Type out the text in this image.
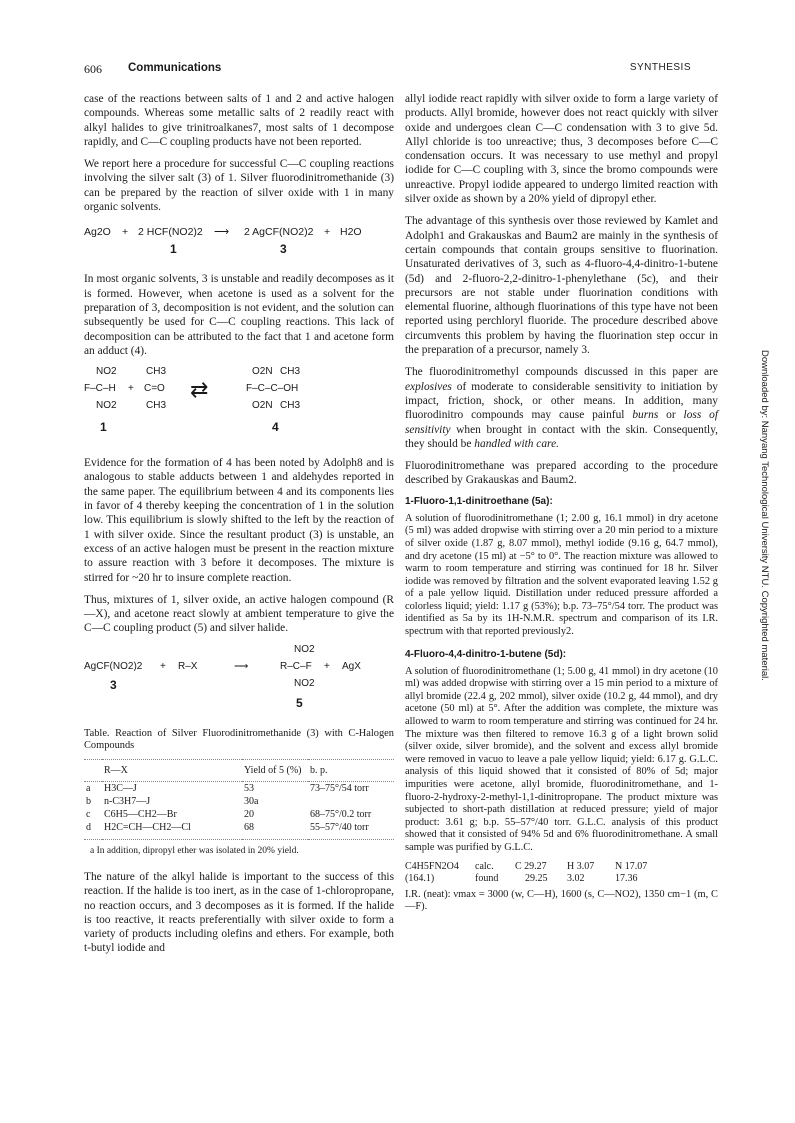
606 Communications	SYNTHESIS
Downloaded by: Nanyang Technological University NTU. Copyrighted material.

case of the reactions between salts of 1 and 2 and active halogen compounds. Whereas some metallic salts of 2 readily react with alkyl halides to give trinitroalkanes7, most salts of 1 decompose rapidly, and C—C coupling products have not been reported.

We report here a procedure for successful C—C coupling reactions involving the silver salt (3) of 1. Silver fluorodinitromethanide (3) can be prepared by the reaction of silver oxide with 1 in many organic solvents.

Ag2O + 2 HCF(NO2)2 ⟶ 2 AgCF(NO2)2 + H2O
1	3

In most organic solvents, 3 is unstable and readily decomposes as it is formed. However, when acetone is used as a solvent for the preparation of 3, decomposition is not evident, and the solution can subsequently be used for C—C coupling reactions. This lack of decomposition can be attributed to the fact that 1 and acetone form an adduct (4).

NO2	CH3
F–C–H + C=O
NO2	CH3
⇄
O2N CH3
F–C–C–OH
O2N CH3
1	4

Evidence for the formation of 4 has been noted by Adolph8 and is analogous to stable adducts between 1 and aldehydes reported in the same paper. The equilibrium between 4 and its components lies in favor of 4 thereby keeping the concentration of 1 in the solution low. This equilibrium is slowly shifted to the left by the reaction of 1 with silver oxide. Since the resultant product (3) is unstable, an excess of an active halogen must be present in the reaction mixture to assure reaction with 3 before it decomposes. The mixture is stirred for ~20 hr to insure complete reaction.

Thus, mixtures of 1, silver oxide, an active halogen compound (R—X), and acetone react slowly at ambient temperature to give the C—C coupling product (5) and silver halide.

NO2
AgCF(NO2)2 + R–X	⟶	R–C–F + AgX
NO2
3
5

Table. Reaction of Silver Fluorodinitromethanide (3) with C-Halogen Compounds

	R—X	Yield of 5 (%)	b. p.
a	H3C—J	53	73–75°/54 torr
b	n-C3H7—J	30a	
c	C6H5—CH2—Br	20	68–75°/0.2 torr
d	H2C=CH—CH2—Cl	68	55–57°/40 torr
a In addition, dipropyl ether was isolated in 20% yield.

The nature of the alkyl halide is important to the success of this reaction. If the halide is too inert, as in the case of 1-chloropropane, no reaction occurs, and 3 decomposes as it is formed. If the halide is too reactive, it reacts preferentially with silver oxide to form a variety of products including olefins and ethers. For example, both t-butyl iodide and

allyl iodide react rapidly with silver oxide to form a large variety of products. Allyl bromide, however does not react quickly with silver oxide and undergoes clean C—C condensation with 3 to give 5d. Allyl chloride is too unreactive; thus, 3 decomposes before C—C condensation occurs. It was necessary to use methyl and propyl iodide for C—C coupling with 3, since the bromo compounds were unreactive. Propyl iodide appeared to undergo limited reaction with silver oxide as shown by a 20% yield of dipropyl ether.

The advantage of this synthesis over those reviewed by Kamlet and Adolph1 and Grakauskas and Baum2 are mainly in the synthesis of certain compounds that contain groups sensitive to fluorination. Unsaturated derivatives of 3, such as 4-fluoro-4,4-dinitro-1-butene (5d) and 2-fluoro-2,2-dinitro-1-phenylethane (5c), and their precursors are not stable under fluorination conditions with elemental fluorine, although fluorinations of this type have not been reported using perchloryl fluoride. The procedure described above circumvents this problem by having the fluorination step occur in the preparation of a precursor, namely 3.

The fluorodinitromethyl compounds discussed in this paper are explosives of moderate to considerable sensitivity to initiation by impact, friction, shock, or other means. In addition, many fluorodinitro compounds may cause painful burns or loss of sensitivity when brought in contact with the skin. Consequently, they should be handled with care.

Fluorodinitromethane was prepared according to the procedure described by Grakauskas and Baum2.

1-Fluoro-1,1-dinitroethane (5a):

A solution of fluorodinitromethane (1; 2.00 g, 16.1 mmol) in dry acetone (5 ml) was added dropwise with stirring over a 20 min period to a mixture of silver oxide (1.87 g, 8.07 mmol), methyl iodide (9.16 g, 64.7 mmol), and dry acetone (15 ml) at −5° to 0°. The reaction mixture was allowed to warm to room temperature and stirring was continued for 18 hr. Silver iodide was removed by filtration and the solvent evaporated leaving 1.52 g of a pale yellow liquid. Distillation under reduced pressure afforded a colorless liquid; yield: 1.17 g (53%); b.p. 73–75°/54 torr. The product was identified as 5a by its 1H-N.M.R. spectrum and comparison of its I.R. spectrum with that reported previously2.

4-Fluoro-4,4-dinitro-1-butene (5d):

A solution of fluorodinitromethane (1; 5.00 g, 41 mmol) in dry acetone (10 ml) was added dropwise with stirring over a 15 min period to a mixture of allyl bromide (22.4 g, 202 mmol), silver oxide (10.2 g, 44 mmol), and dry acetone (50 ml) at 5°. After the addition was complete, the mixture was allowed to warm to room temperature and stirring was continued for 24 hr. The mixture was then filtered to remove 16.3 g of a light brown solid (silver oxide, silver bromide), and the solvent and excess allyl bromide were removed in vacuo to leave a pale yellow liquid; yield: 6.17 g. G.L.C. analysis of this liquid showed that it consisted of 80% of 5d; major impurities were acetone, allyl bromide, fluorodinitromethane, and 1-fluoro-2-hydroxy-2-methyl-1,1-dinitropropane. The product mixture was subjected to short-path distillation at reduced pressure; yield of major product: 3.61 g; b.p. 55–57°/40 torr. G.L.C. analysis of this product showed that it consisted of 94% 5d and 6% fluorodinitromethane. A small sample was purified by G.L.C.

C4H5FN2O4 calc. C 29.27 H 3.07 N 17.07
(164.1)	found	29.25 3.02	17.36

I.R. (neat): νmax = 3000 (w, C—H), 1600 (s, C—NO2), 1350 cm−1 (m, C—F).
